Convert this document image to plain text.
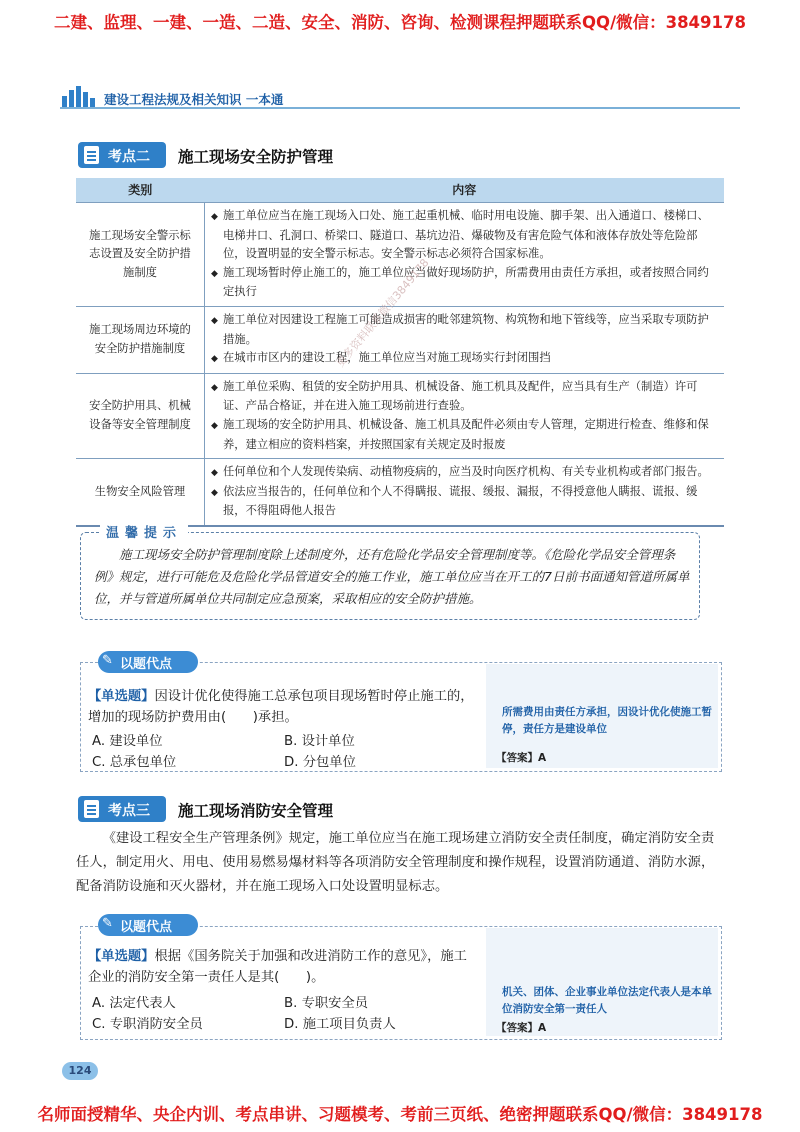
二建、监理、一建、一造、二造、安全、消防、咨询、检测课程押题联系QQ/微信：3849178
建设工程法规及相关知识 一本通
考点二 施工现场安全防护管理
类别	内容
施工现场安全警示标志设置及安全防护措施制度	◆ 施工单位应当在施工现场入口处、施工起重机械、临时用电设施、脚手架、出入通道口、楼梯口、电梯井口、孔洞口、桥梁口、隧道口、基坑边沿、爆破物及有害危险气体和液体存放处等危险部位，设置明显的安全警示标志。安全警示标志必须符合国家标准。
◆ 施工现场暂时停止施工的，施工单位应当做好现场防护，所需费用由责任方承担，或者按照合同约定执行

施工现场周边环境的安全防护措施制度	◆ 施工单位对因建设工程施工可能造成损害的毗邻建筑物、构筑物和地下管线等，应当采取专项防护措施。
◆ 在城市市区内的建设工程，施工单位应当对施工现场实行封闭围挡

安全防护用具、机械设备等安全管理制度	◆ 施工单位采购、租赁的安全防护用具、机械设备、施工机具及配件，应当具有生产（制造）许可证、产品合格证，并在进入施工现场前进行查验。
◆ 施工现场的安全防护用具、机械设备、施工机具及配件必须由专人管理，定期进行检查、维修和保养，建立相应的资料档案，并按照国家有关规定及时报废

生物安全风险管理	◆ 任何单位和个人发现传染病、动植物疫病的，应当及时向医疗机构、有关专业机构或者部门报告。
◆ 依法应当报告的，任何单位和个人不得瞒报、谎报、缓报、漏报，不得授意他人瞒报、谎报、缓报，不得阻碍他人报告
温馨提示
施工现场安全防护管理制度除上述制度外，还有危险化学品安全管理制度等。《危险化学品安全管理条例》规定，进行可能危及危险化学品管道安全的施工作业，施工单位应当在开工的7日前书面通知管道所属单位，并与管道所属单位共同制定应急预案，采取相应的安全防护措施。
✎ 以题代点
【单选题】因设计优化使得施工总承包项目现场暂时停止施工的，增加的现场防护费用由(　　)承担。
A. 建设单位	B. 设计单位
C. 总承包单位	D. 分包单位
所需费用由责任方承担，因设计优化使施工暂停，责任方是建设单位
【答案】A
考点三 施工现场消防安全管理
《建设工程安全生产管理条例》规定，施工单位应当在施工现场建立消防安全责任制度，确定消防安全责任人，制定用火、用电、使用易燃易爆材料等各项消防安全管理制度和操作规程，设置消防通道、消防水源，配备消防设施和灭火器材，并在施工现场入口处设置明显标志。
✎ 以题代点
【单选题】根据《国务院关于加强和改进消防工作的意见》，施工企业的消防安全第一责任人是其(　　)。
A. 法定代表人	B. 专职安全员
C. 专职消防安全员	D. 施工项目负责人
机关、团体、企业事业单位法定代表人是本单位消防安全第一责任人
【答案】A
124
名师面授精华、央企内训、考点串讲、习题模考、考前三页纸、绝密押题联系QQ/微信：3849178
更多资料联系微信3849178
